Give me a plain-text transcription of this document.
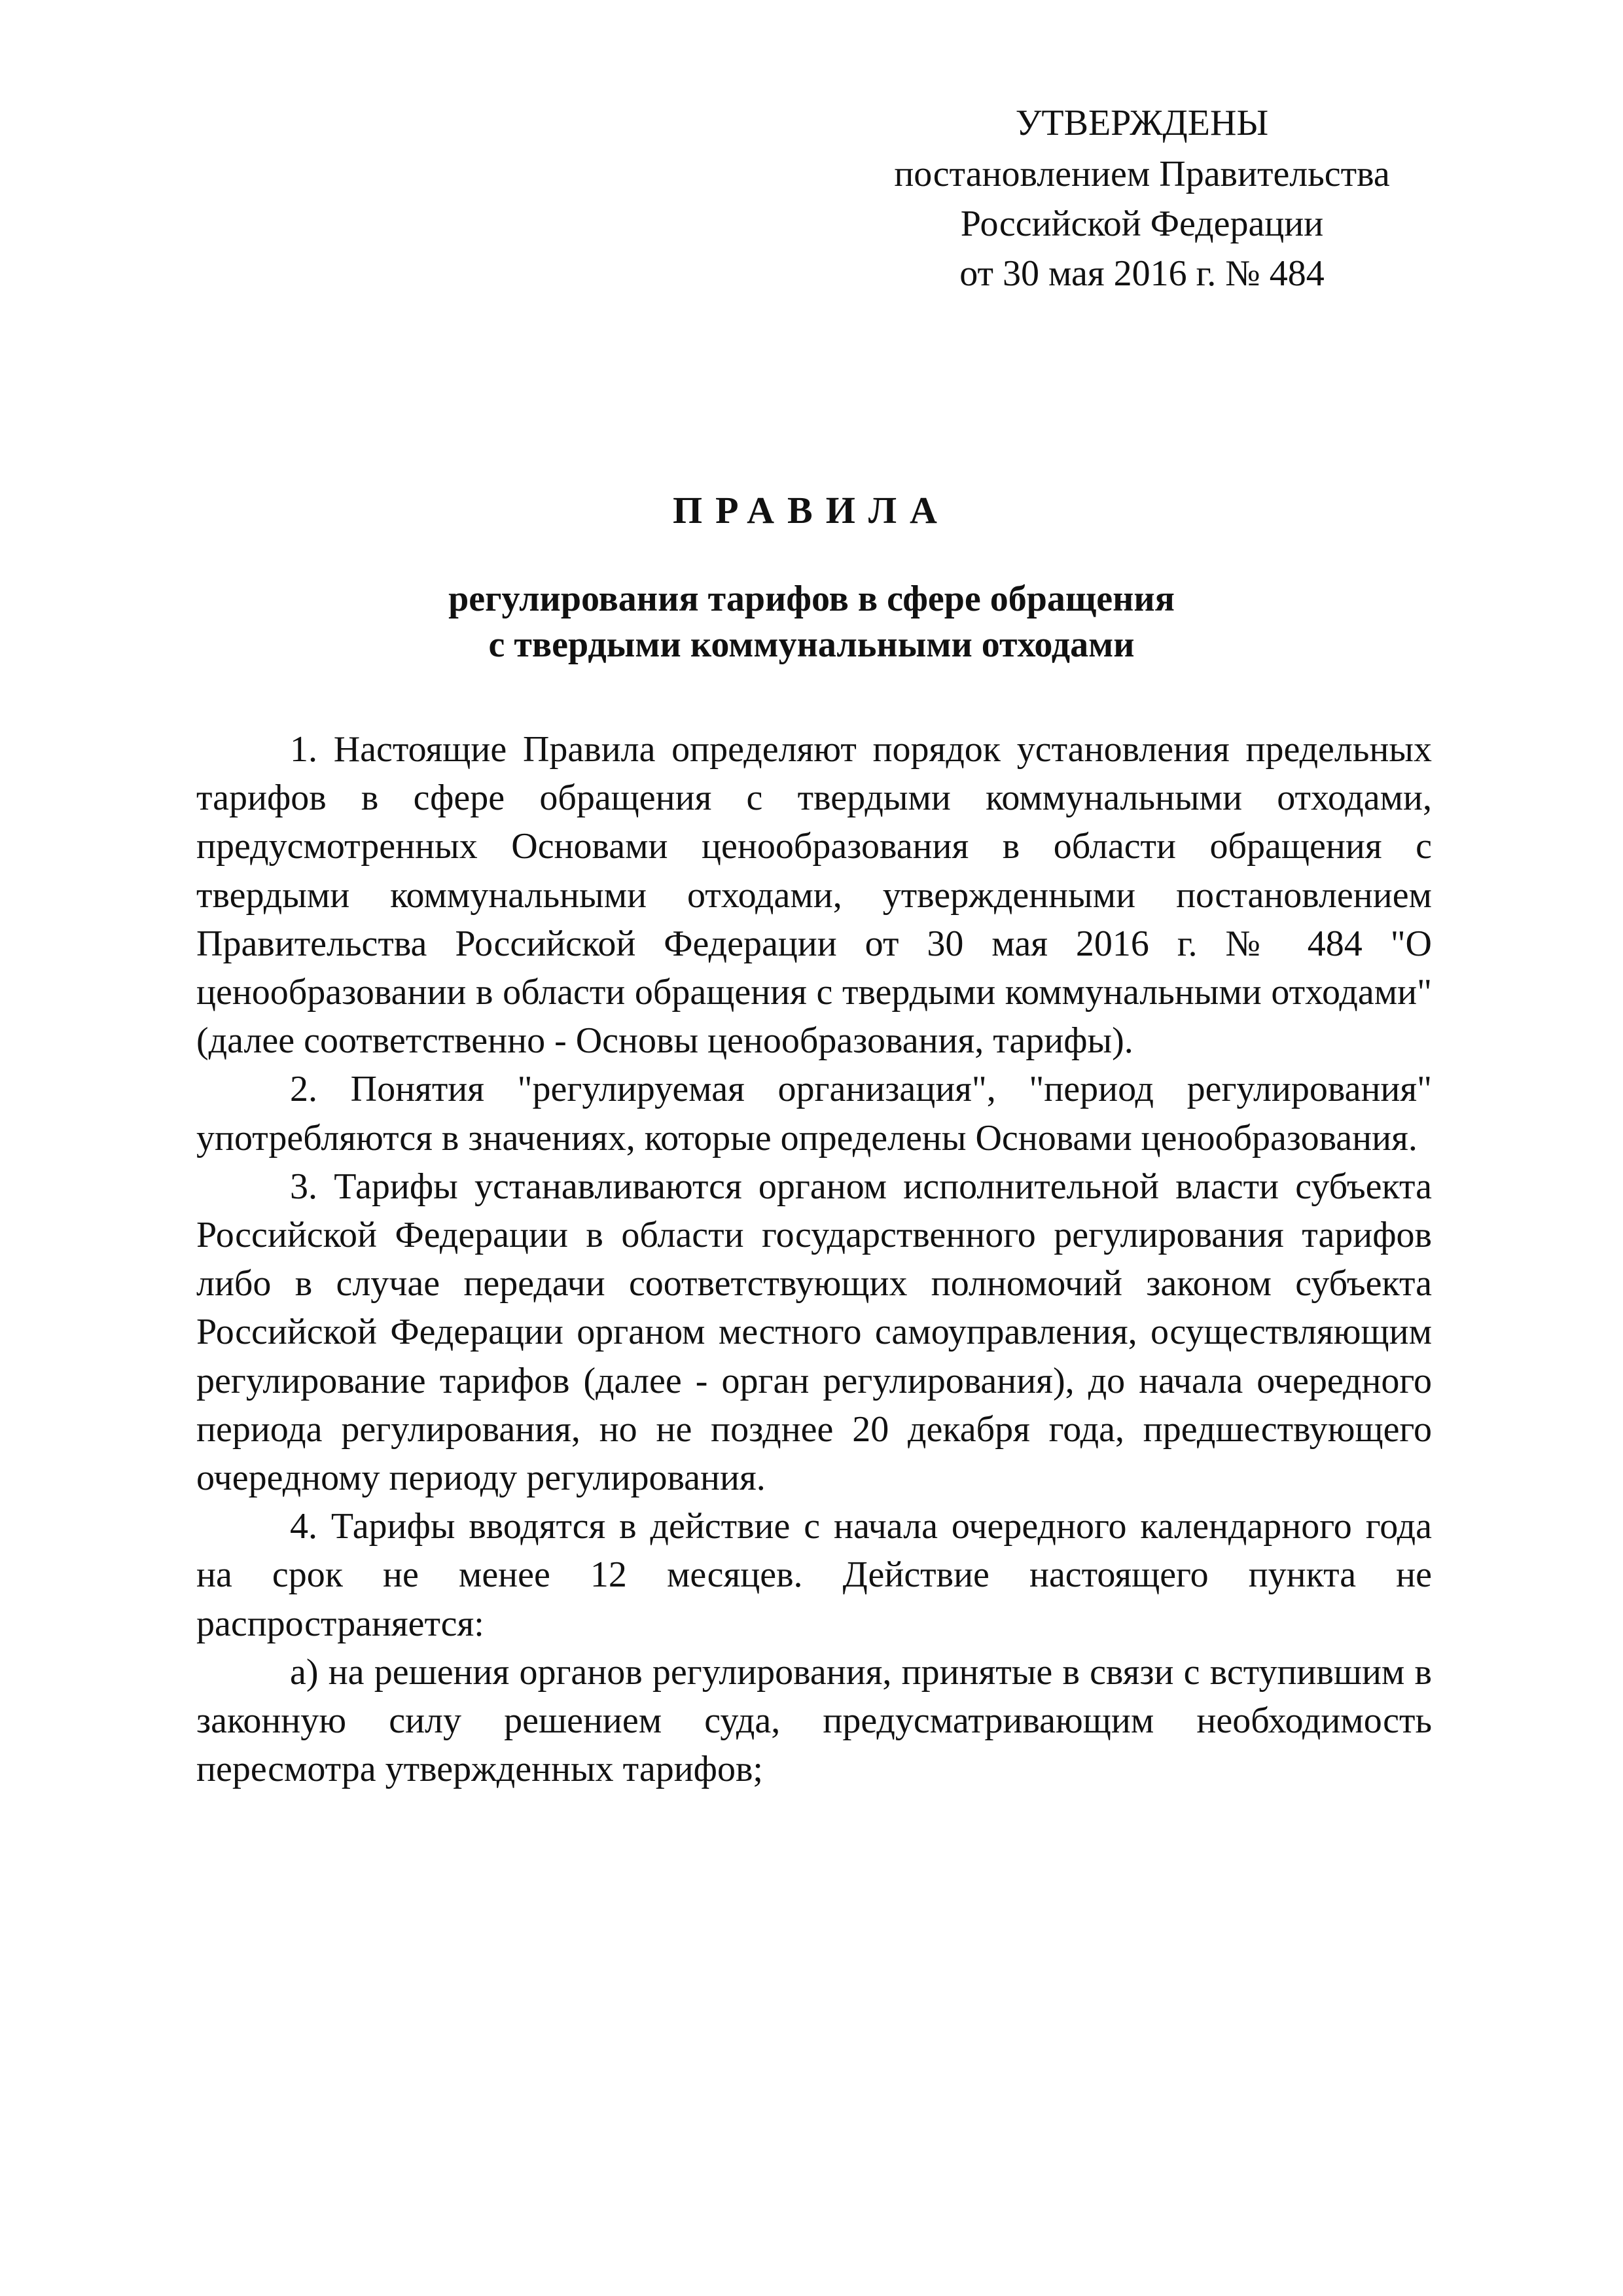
УТВЕРЖДЕНЫ
постановлением Правительства
Российской Федерации
от 30 мая 2016 г. № 484
ПРАВИЛА
регулирования тарифов в сфере обращения
с твердыми коммунальными отходами

1. Настоящие Правила определяют порядок установления предельных тарифов в сфере обращения с твердыми коммунальными отходами, предусмотренных Основами ценообразования в области обращения с твердыми коммунальными отходами, утвержденными постановлением Правительства Российской Федерации от 30 мая 2016 г. № 484 "О ценообразовании в области обращения с твердыми коммунальными отходами" (далее соответственно - Основы ценообразования, тарифы).

2. Понятия "регулируемая организация", "период регулирования" употребляются в значениях, которые определены Основами ценообразования.

3. Тарифы устанавливаются органом исполнительной власти субъекта Российской Федерации в области государственного регулирования тарифов либо в случае передачи соответствующих полномочий законом субъекта Российской Федерации органом местного самоуправления, осуществляющим регулирование тарифов (далее - орган регулирования), до начала очередного периода регулирования, но не позднее 20 декабря года, предшествующего очередному периоду регулирования.

4. Тарифы вводятся в действие с начала очередного календарного года на срок не менее 12 месяцев. Действие настоящего пункта не распространяется:

а) на решения органов регулирования, принятые в связи с вступившим в законную силу решением суда, предусматривающим необходимость пересмотра утвержденных тарифов;
